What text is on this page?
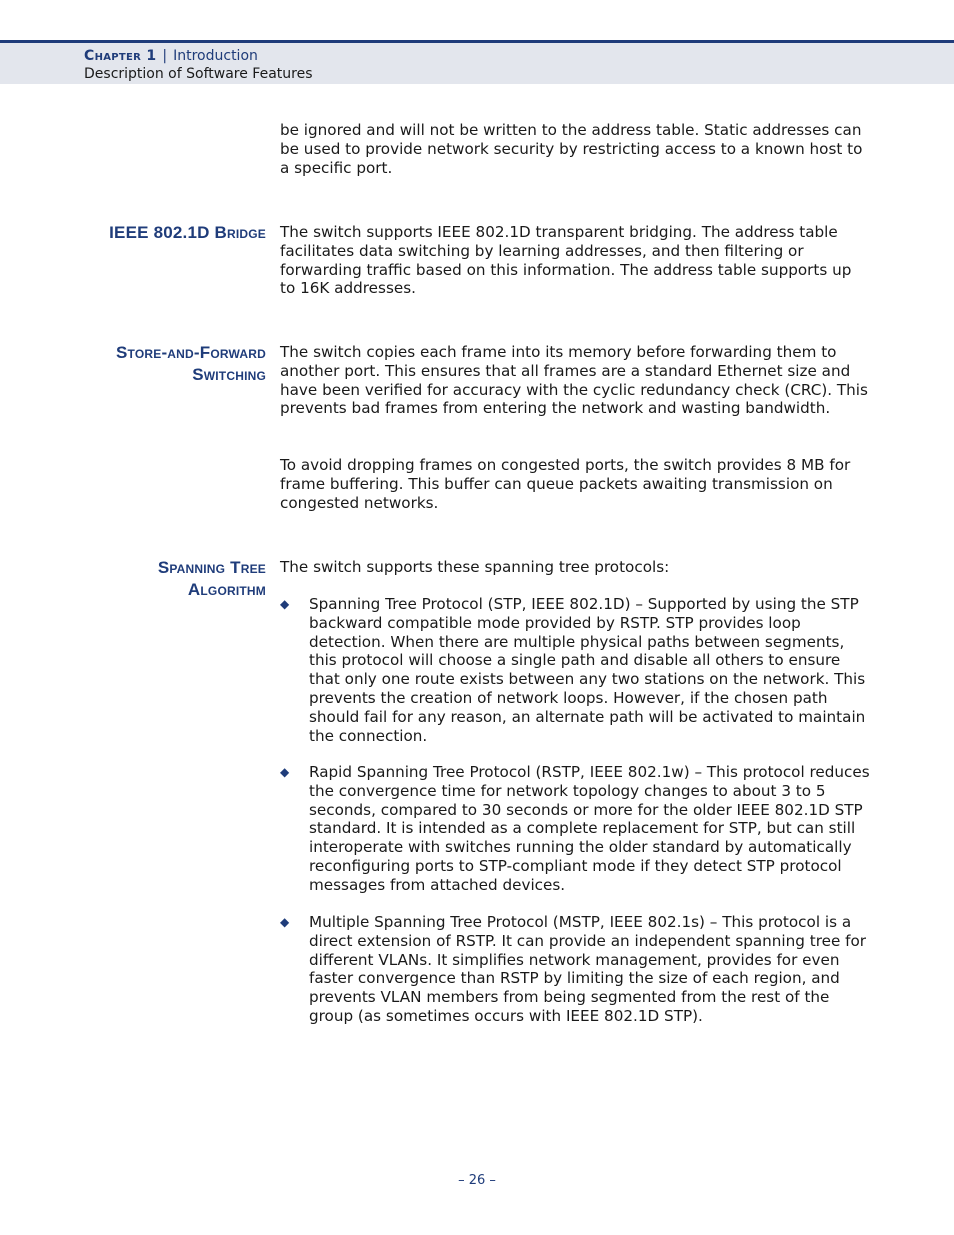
Chapter 1 | Introduction
Description of Software Features
be ignored and will not be written to the address table. Static addresses can be used to provide network security by restricting access to a known host to a specific port.
IEEE 802.1D Bridge The switch supports IEEE 802.1D transparent bridging. The address table facilitates data switching by learning addresses, and then filtering or forwarding traffic based on this information. The address table supports up to 16K addresses.
Store-and-Forward
Switching
The switch copies each frame into its memory before forwarding them to another port. This ensures that all frames are a standard Ethernet size and have been verified for accuracy with the cyclic redundancy check (CRC). This prevents bad frames from entering the network and wasting bandwidth.
To avoid dropping frames on congested ports, the switch provides 8 MB for frame buffering. This buffer can queue packets awaiting transmission on congested networks.
Spanning Tree
Algorithm
The switch supports these spanning tree protocols:
◆ Spanning Tree Protocol (STP, IEEE 802.1D) – Supported by using the STP backward compatible mode provided by RSTP. STP provides loop detection. When there are multiple physical paths between segments, this protocol will choose a single path and disable all others to ensure that only one route exists between any two stations on the network. This prevents the creation of network loops. However, if the chosen path should fail for any reason, an alternate path will be activated to maintain the connection.
◆ Rapid Spanning Tree Protocol (RSTP, IEEE 802.1w) – This protocol reduces the convergence time for network topology changes to about 3 to 5 seconds, compared to 30 seconds or more for the older IEEE 802.1D STP standard. It is intended as a complete replacement for STP, but can still interoperate with switches running the older standard by automatically reconfiguring ports to STP-compliant mode if they detect STP protocol messages from attached devices.
◆ Multiple Spanning Tree Protocol (MSTP, IEEE 802.1s) – This protocol is a direct extension of RSTP. It can provide an independent spanning tree for different VLANs. It simplifies network management, provides for even faster convergence than RSTP by limiting the size of each region, and prevents VLAN members from being segmented from the rest of the group (as sometimes occurs with IEEE 802.1D STP).
– 26 –
